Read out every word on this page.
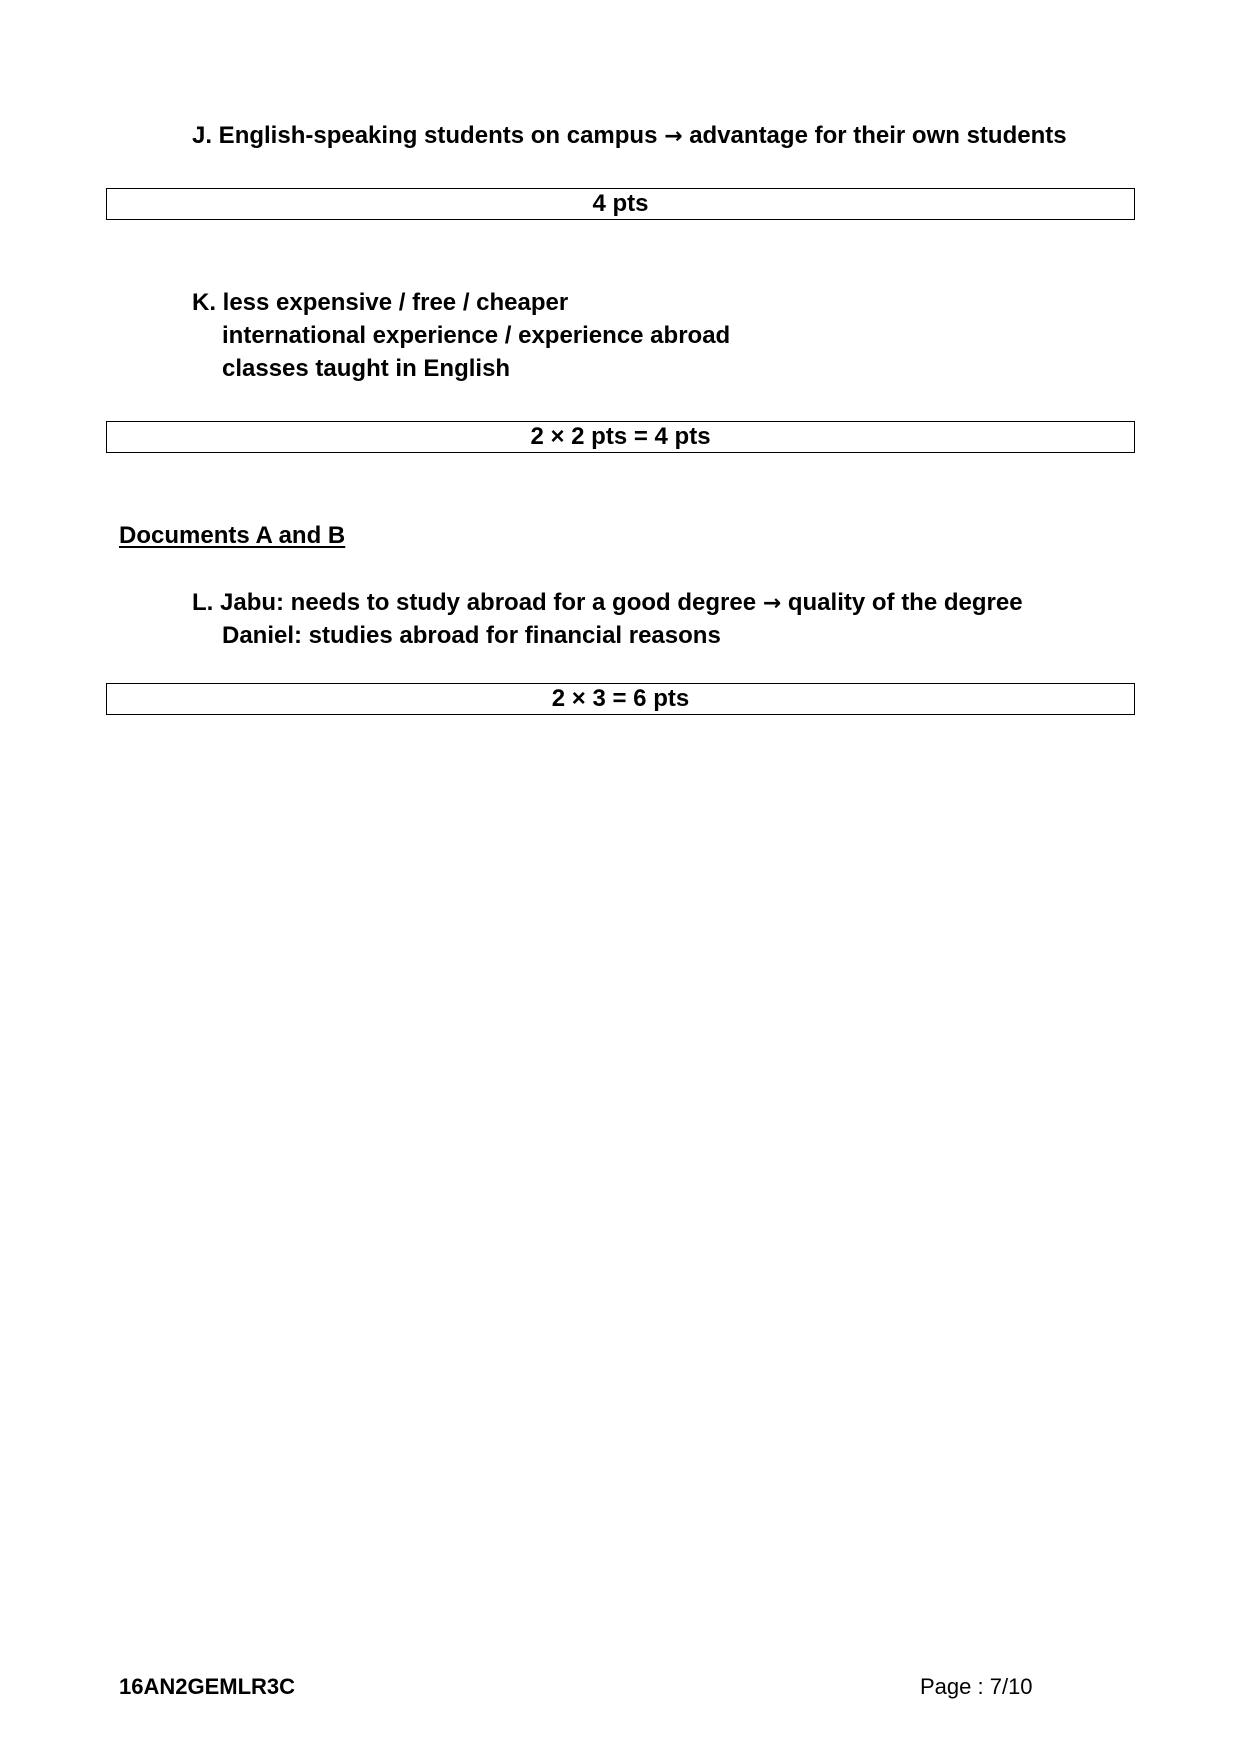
J. English-speaking students on campus → advantage for their own students
4 pts
K. less expensive / free / cheaper
international experience / experience abroad
classes taught in English
2 × 2 pts = 4 pts
Documents A and B
L. Jabu: needs to study abroad for a good degree → quality of the degree
Daniel: studies abroad for financial reasons
2 × 3 = 6 pts
16AN2GEMLR3C	Page : 7/10
